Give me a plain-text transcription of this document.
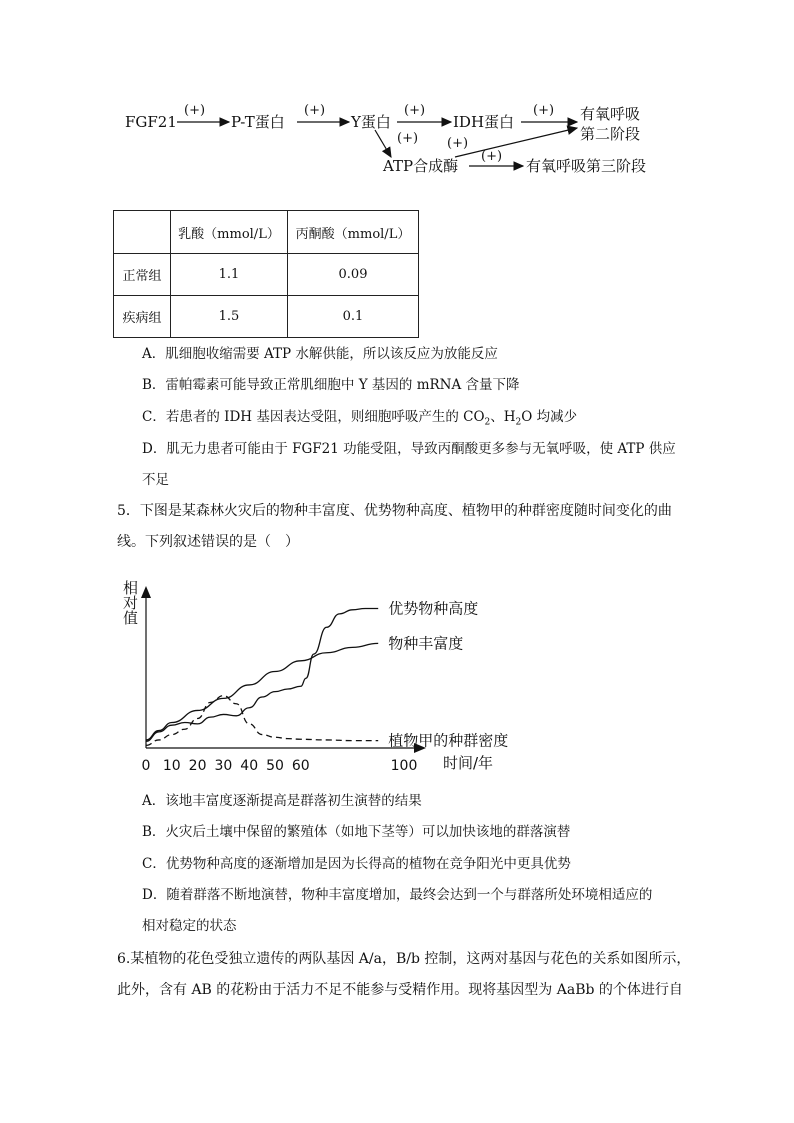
FGF21
(+)
P-T蛋白
(+)
Y蛋白
(+)
IDH蛋白
(+) 有氧呼吸
第二阶段
(+)
ATP合成酶
(+)
(+)
有氧呼吸第三阶段
	乳酸（mmol/L）	丙酮酸（mmol/L）
正常组	1.1	0.09
疾病组	1.5	0.1
A．肌细胞收缩需要 ATP 水解供能，所以该反应为放能反应
B．雷帕霉素可能导致正常肌细胞中 Y 基因的 mRNA 含量下降
C．若患者的 IDH 基因表达受阻，则细胞呼吸产生的 $CO_2$、$H_2O$ 均减少
D．肌无力患者可能由于 FGF21 功能受阻，导致丙酮酸更多参与无氧呼吸，使 ATP 供应
不足
5．下图是某森林火灾后的物种丰富度、优势物种高度、植物甲的种群密度随时间变化的曲
线。下列叙述错误的是（　）
相对值
时间/年
0 10 20 30 40 50 60	100
优势物种高度
物种丰富度
植物甲的种群密度
A．该地丰富度逐渐提高是群落初生演替的结果
B．火灾后土壤中保留的繁殖体（如地下茎等）可以加快该地的群落演替
C．优势物种高度的逐渐增加是因为长得高的植物在竞争阳光中更具优势
D．随着群落不断地演替，物种丰富度增加，最终会达到一个与群落所处环境相适应的
相对稳定的状态
6.某植物的花色受独立遗传的两队基因 A/a，B/b 控制，这两对基因与花色的关系如图所示，
此外，含有 AB 的花粉由于活力不足不能参与受精作用。现将基因型为 AaBb 的个体进行自
